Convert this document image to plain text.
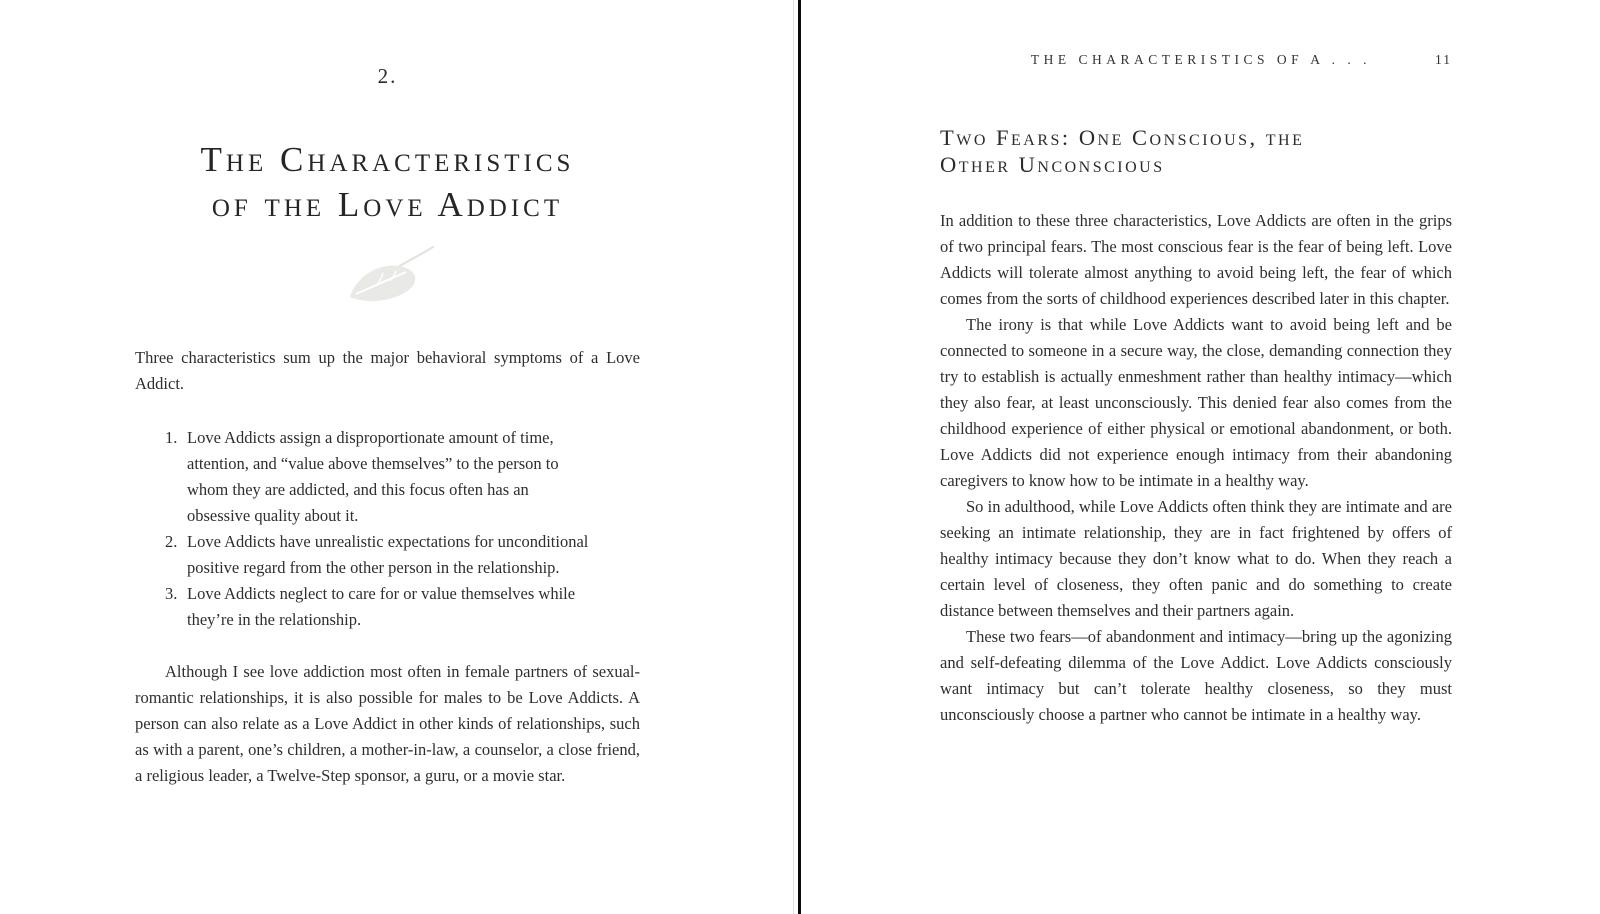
2.
The Characteristics
of the Love Addict
Three characteristics sum up the major behavioral symptoms of a Love Addict.
1. Love Addicts assign a disproportionate amount of time, attention, and “value above themselves” to the person to whom they are addicted, and this focus often has an obsessive quality about it.
2. Love Addicts have unrealistic expectations for unconditional positive regard from the other person in the relationship.
3. Love Addicts neglect to care for or value themselves while they’re in the relationship.
Although I see love addiction most often in female partners of sexual-romantic relationships, it is also possible for males to be Love Addicts. A person can also relate as a Love Addict in other kinds of relationships, such as with a parent, one’s children, a mother-in-law, a counselor, a close friend, a religious leader, a Twelve-Step sponsor, a guru, or a movie star.
THE CHARACTERISTICS OF A . . .	11
Two Fears: One Conscious, the
Other Unconscious

In addition to these three characteristics, Love Addicts are often in the grips of two principal fears. The most conscious fear is the fear of being left. Love Addicts will tolerate almost anything to avoid being left, the fear of which comes from the sorts of childhood experiences described later in this chapter.

The irony is that while Love Addicts want to avoid being left and be connected to someone in a secure way, the close, demanding connection they try to establish is actually enmeshment rather than healthy intimacy—which they also fear, at least unconsciously. This denied fear also comes from the childhood experience of either physical or emotional abandonment, or both. Love Addicts did not experience enough intimacy from their abandoning caregivers to know how to be intimate in a healthy way.

So in adulthood, while Love Addicts often think they are intimate and are seeking an intimate relationship, they are in fact frightened by offers of healthy intimacy because they don’t know what to do. When they reach a certain level of closeness, they often panic and do something to create distance between themselves and their partners again.

These two fears—of abandonment and intimacy—bring up the agonizing and self-defeating dilemma of the Love Addict. Love Addicts consciously want intimacy but can’t tolerate healthy closeness, so they must unconsciously choose a partner who cannot be intimate in a healthy way.
